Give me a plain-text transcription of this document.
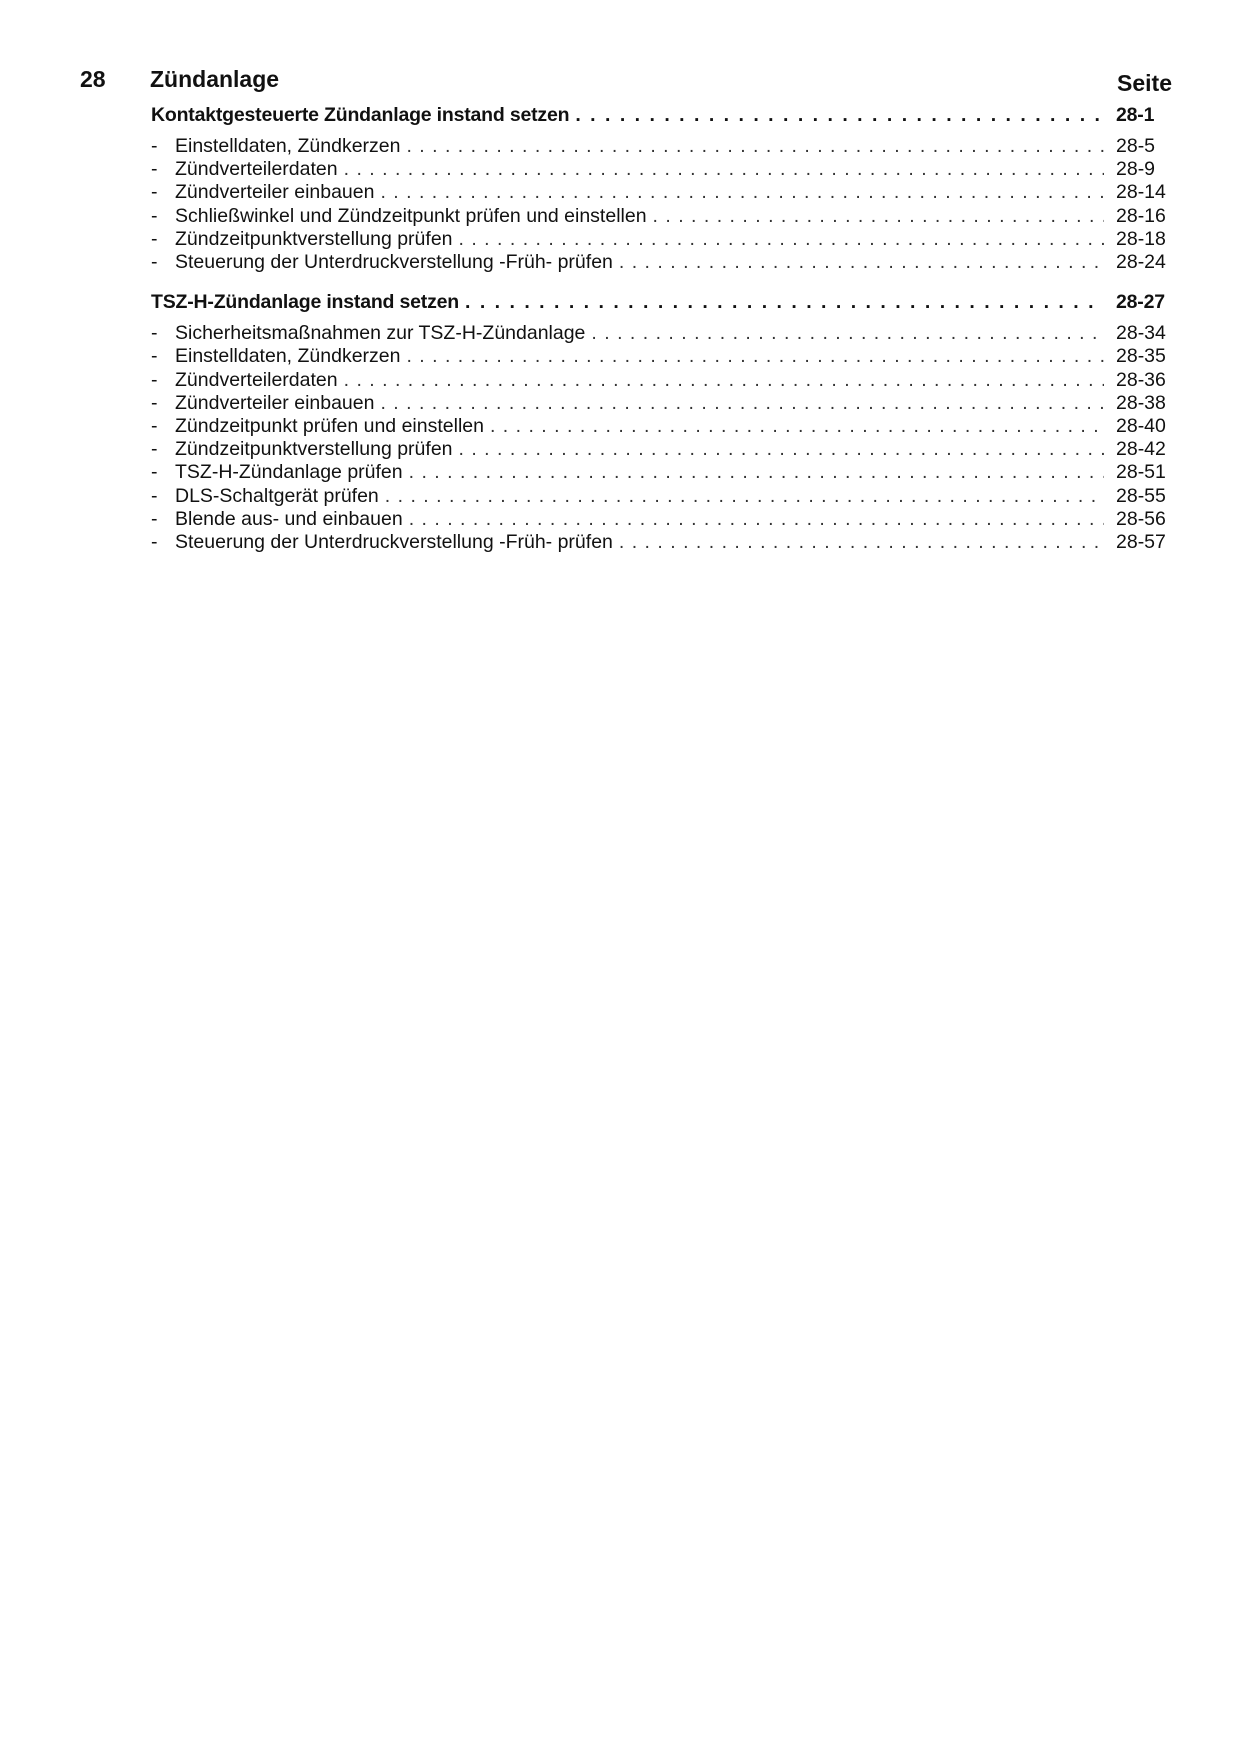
28 Zündanlage	Seite
Kontaktgesteuerte Zündanlage instand setzen . . .	28-1
- Einstelldaten, Zündkerzen . . .	28-5
- Zündverteilerdaten . . .	28-9
- Zündverteiler einbauen . . .	28-14
- Schließwinkel und Zündzeitpunkt prüfen und einstellen . . .	28-16
- Zündzeitpunktverstellung prüfen . . .	28-18
- Steuerung der Unterdruckverstellung -Früh- prüfen . . .	28-24
TSZ-H-Zündanlage instand setzen . . .	28-27
- Sicherheitsmaßnahmen zur TSZ-H-Zündanlage . . .	28-34
- Einstelldaten, Zündkerzen . . .	28-35
- Zündverteilerdaten . . .	28-36
- Zündverteiler einbauen . . .	28-38
- Zündzeitpunkt prüfen und einstellen . . .	28-40
- Zündzeitpunktverstellung prüfen . . .	28-42
- TSZ-H-Zündanlage prüfen . . .	28-51
- DLS-Schaltgerät prüfen . . .	28-55
- Blende aus- und einbauen . . .	28-56
- Steuerung der Unterdruckverstellung -Früh- prüfen . . .	28-57
